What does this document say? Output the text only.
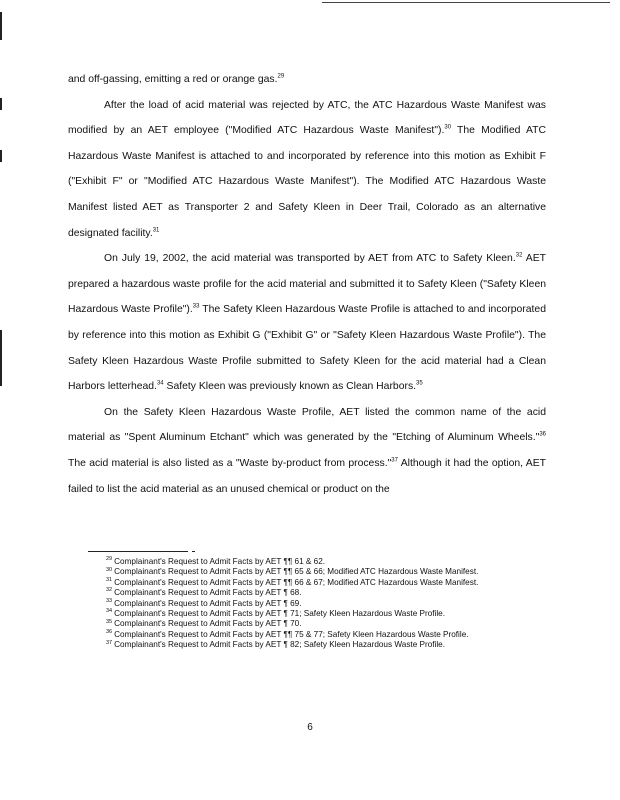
and off-gassing, emitting a red or orange gas.$^{29}$

After the load of acid material was rejected by ATC, the ATC Hazardous Waste Manifest was modified by an AET employee ("Modified ATC Hazardous Waste Manifest").$^{30}$ The Modified ATC Hazardous Waste Manifest is attached to and incorporated by reference into this motion as Exhibit F ("Exhibit F" or "Modified ATC Hazardous Waste Manifest"). The Modified ATC Hazardous Waste Manifest listed AET as Transporter 2 and Safety Kleen in Deer Trail, Colorado as an alternative designated facility.$^{31}$

On July 19, 2002, the acid material was transported by AET from ATC to Safety Kleen.$^{32}$ AET prepared a hazardous waste profile for the acid material and submitted it to Safety Kleen ("Safety Kleen Hazardous Waste Profile").$^{33}$ The Safety Kleen Hazardous Waste Profile is attached to and incorporated by reference into this motion as Exhibit G ("Exhibit G" or "Safety Kleen Hazardous Waste Profile"). The Safety Kleen Hazardous Waste Profile submitted to Safety Kleen for the acid material had a Clean Harbors letterhead.$^{34}$ Safety Kleen was previously known as Clean Harbors.$^{35}$

On the Safety Kleen Hazardous Waste Profile, AET listed the common name of the acid material as "Spent Aluminum Etchant" which was generated by the "Etching of Aluminum Wheels."$^{36}$ The acid material is also listed as a "Waste by-product from process."$^{37}$ Although it had the option, AET failed to list the acid material as an unused chemical or product on the

$^{29}$ Complainant's Request to Admit Facts by AET ¶¶ 61 & 62.
$^{30}$ Complainant's Request to Admit Facts by AET ¶¶ 65 & 66; Modified ATC Hazardous Waste Manifest.
$^{31}$ Complainant's Request to Admit Facts by AET ¶¶ 66 & 67; Modified ATC Hazardous Waste Manifest.
$^{32}$ Complainant's Request to Admit Facts by AET ¶ 68.
$^{33}$ Complainant's Request to Admit Facts by AET ¶ 69.
$^{34}$ Complainant's Request to Admit Facts by AET ¶ 71; Safety Kleen Hazardous Waste Profile.
$^{35}$ Complainant's Request to Admit Facts by AET ¶ 70.
$^{36}$ Complainant's Request to Admit Facts by AET ¶¶ 75 & 77; Safety Kleen Hazardous Waste Profile.
$^{37}$ Complainant's Request to Admit Facts by AET ¶ 82; Safety Kleen Hazardous Waste Profile.
6
